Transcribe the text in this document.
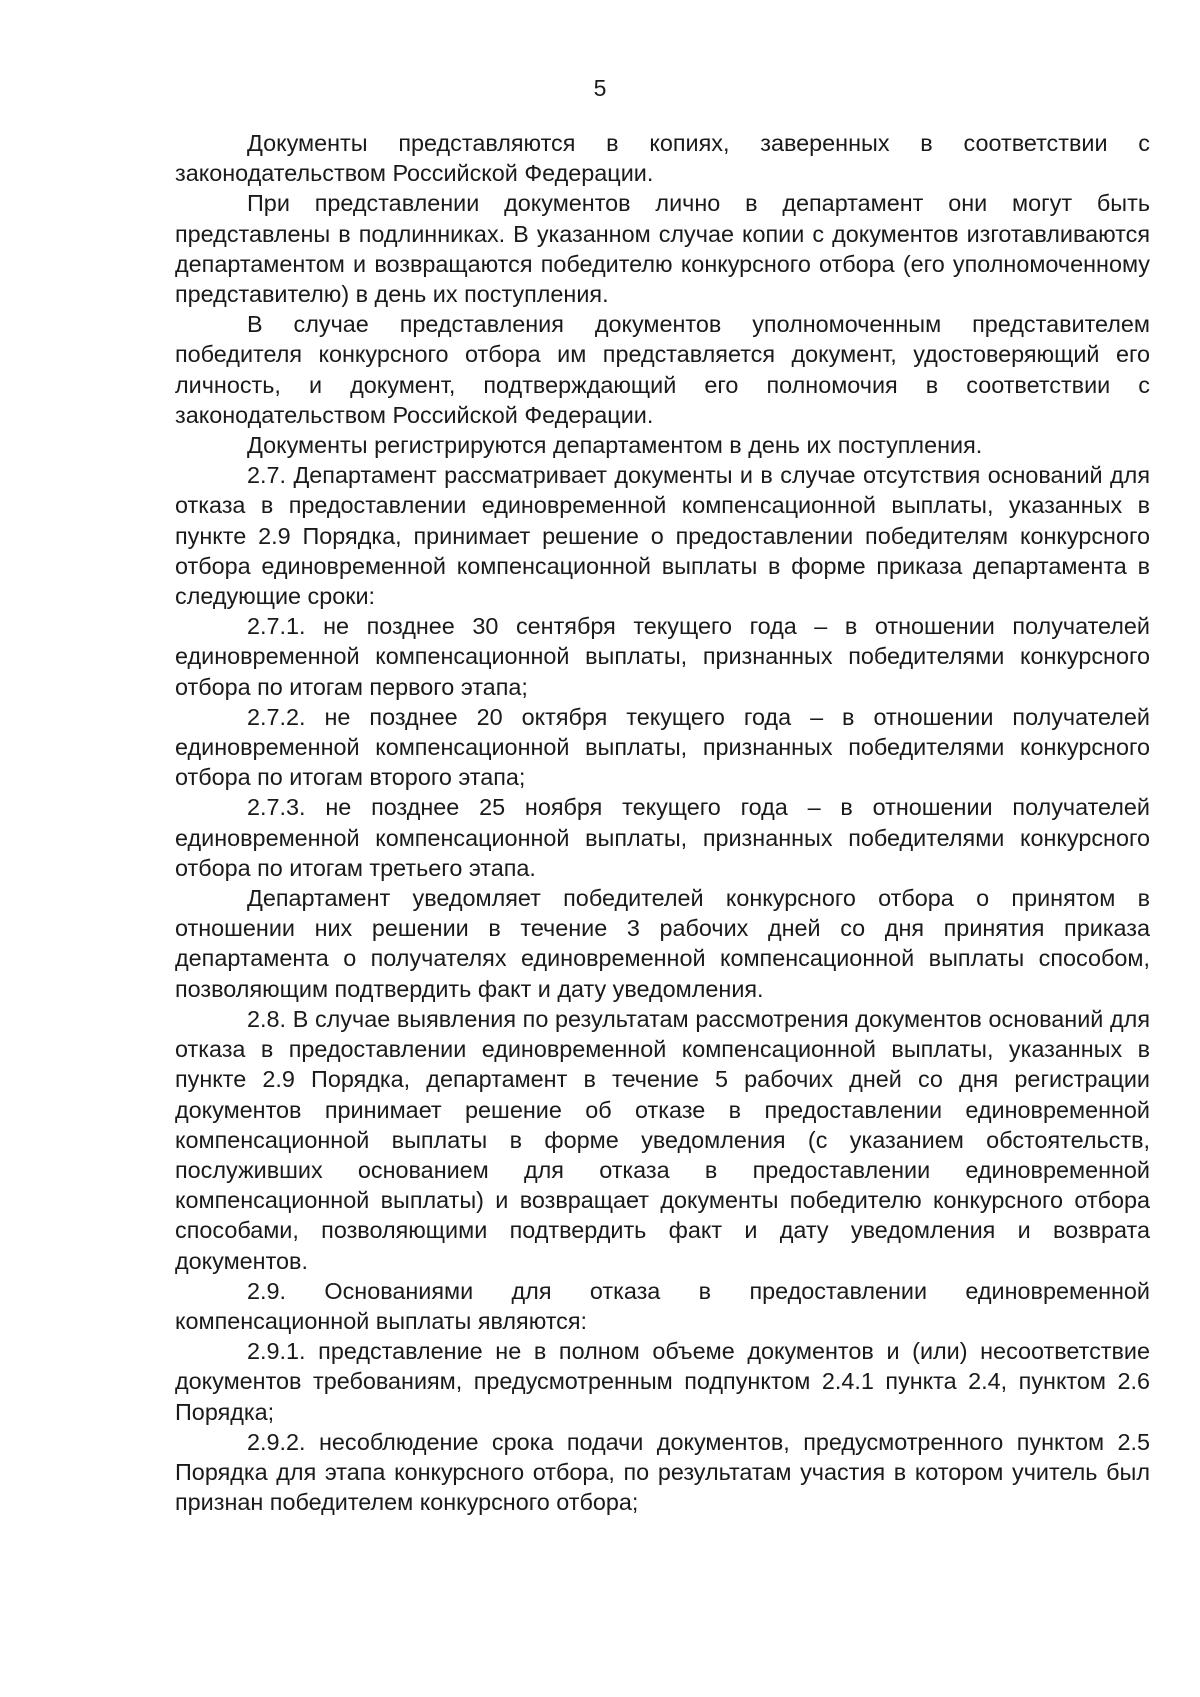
5

Документы представляются в копиях, заверенных в соответствии с законодательством Российской Федерации.

При представлении документов лично в департамент они могут быть представлены в подлинниках. В указанном случае копии с документов изготавливаются департаментом и возвращаются победителю конкурсного отбора (его уполномоченному представителю) в день их поступления.

В случае представления документов уполномоченным представителем победителя конкурсного отбора им представляется документ, удостоверяющий его личность, и документ, подтверждающий его полномочия в соответствии с законодательством Российской Федерации.

Документы регистрируются департаментом в день их поступления.

2.7. Департамент рассматривает документы и в случае отсутствия оснований для отказа в предоставлении единовременной компенсационной выплаты, указанных в пункте 2.9 Порядка, принимает решение о предоставлении победителям конкурсного отбора единовременной компенсационной выплаты в форме приказа департамента в следующие сроки:

2.7.1. не позднее 30 сентября текущего года – в отношении получателей единовременной компенсационной выплаты, признанных победителями конкурсного отбора по итогам первого этапа;

2.7.2. не позднее 20 октября текущего года – в отношении получателей единовременной компенсационной выплаты, признанных победителями конкурсного отбора по итогам второго этапа;

2.7.3. не позднее 25 ноября текущего года – в отношении получателей единовременной компенсационной выплаты, признанных победителями конкурсного отбора по итогам третьего этапа.

Департамент уведомляет победителей конкурсного отбора о принятом в отношении них решении в течение 3 рабочих дней со дня принятия приказа департамента о получателях единовременной компенсационной выплаты способом, позволяющим подтвердить факт и дату уведомления.

2.8. В случае выявления по результатам рассмотрения документов оснований для отказа в предоставлении единовременной компенсационной выплаты, указанных в пункте 2.9 Порядка, департамент в течение 5 рабочих дней со дня регистрации документов принимает решение об отказе в предоставлении единовременной компенсационной выплаты в форме уведомления (с указанием обстоятельств, послуживших основанием для отказа в предоставлении единовременной компенсационной выплаты) и возвращает документы победителю конкурсного отбора способами, позволяющими подтвердить факт и дату уведомления и возврата документов.

2.9. Основаниями для отказа в предоставлении единовременной компенсационной выплаты являются:

2.9.1. представление не в полном объеме документов и (или) несоответствие документов требованиям, предусмотренным подпунктом 2.4.1 пункта 2.4, пунктом 2.6 Порядка;

2.9.2. несоблюдение срока подачи документов, предусмотренного пунктом 2.5 Порядка для этапа конкурсного отбора, по результатам участия в котором учитель был признан победителем конкурсного отбора;
